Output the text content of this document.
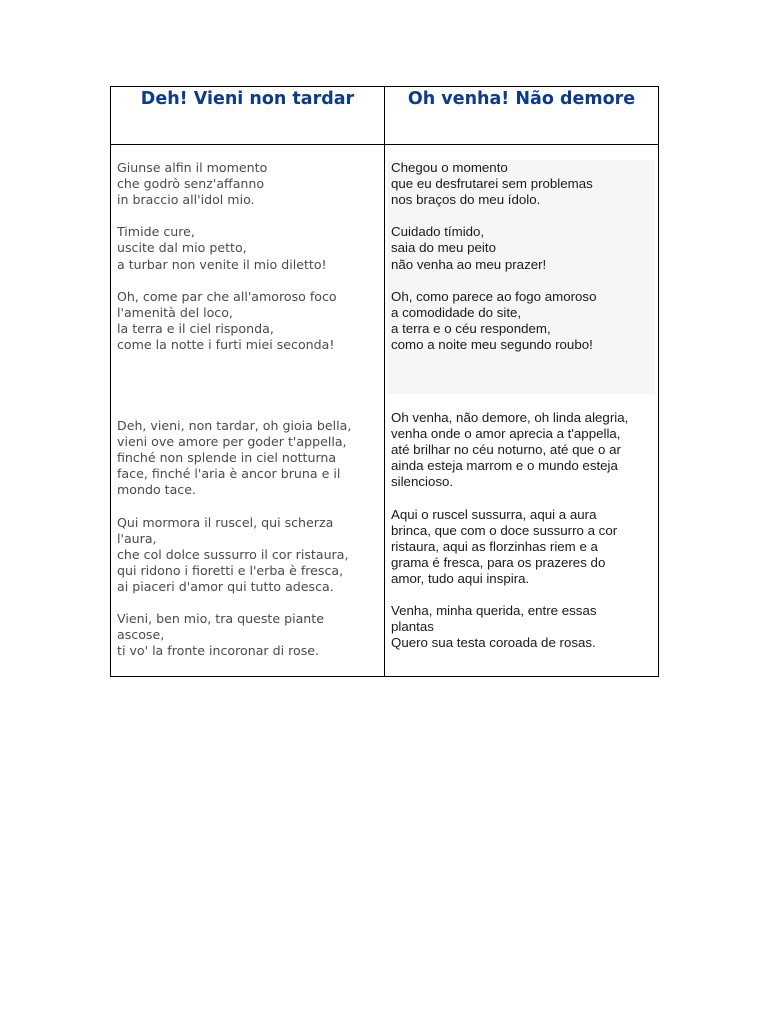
Deh! Vieni non tardar	Oh venha! Não demore
Giunse alfin il momento
che godrò senz'affanno
in braccio all'idol mio.

Timide cure,
uscite dal mio petto,
a turbar non venite il mio diletto!

Oh, come par che all'amoroso foco
l'amenità del loco,
la terra e il ciel risponda,
come la notte i furti miei seconda!
Chegou o momento
que eu desfrutarei sem problemas
nos braços do meu ídolo.

Cuidado tímido,
saia do meu peito
não venha ao meu prazer!

Oh, como parece ao fogo amoroso
a comodidade do site,
a terra e o céu respondem,
como a noite meu segundo roubo!
Deh, vieni, non tardar, oh gioia bella,
vieni ove amore per goder t'appella,
finché non splende in ciel notturna
face, finché l'aria è ancor bruna e il
mondo tace.

Qui mormora il ruscel, qui scherza
l'aura,
che col dolce sussurro il cor ristaura,
qui ridono i fioretti e l'erba è fresca,
ai piaceri d'amor qui tutto adesca.

Vieni, ben mio, tra queste piante
ascose,
ti vo' la fronte incoronar di rose.
Oh venha, não demore, oh linda alegria,
venha onde o amor aprecia a t'appella,
até brilhar no céu noturno, até que o ar
ainda esteja marrom e o mundo esteja
silencioso.

Aqui o ruscel sussurra, aqui a aura
brinca, que com o doce sussurro a cor
ristaura, aqui as florzinhas riem e a
grama é fresca, para os prazeres do
amor, tudo aqui inspira.

Venha, minha querida, entre essas
plantas
Quero sua testa coroada de rosas.
